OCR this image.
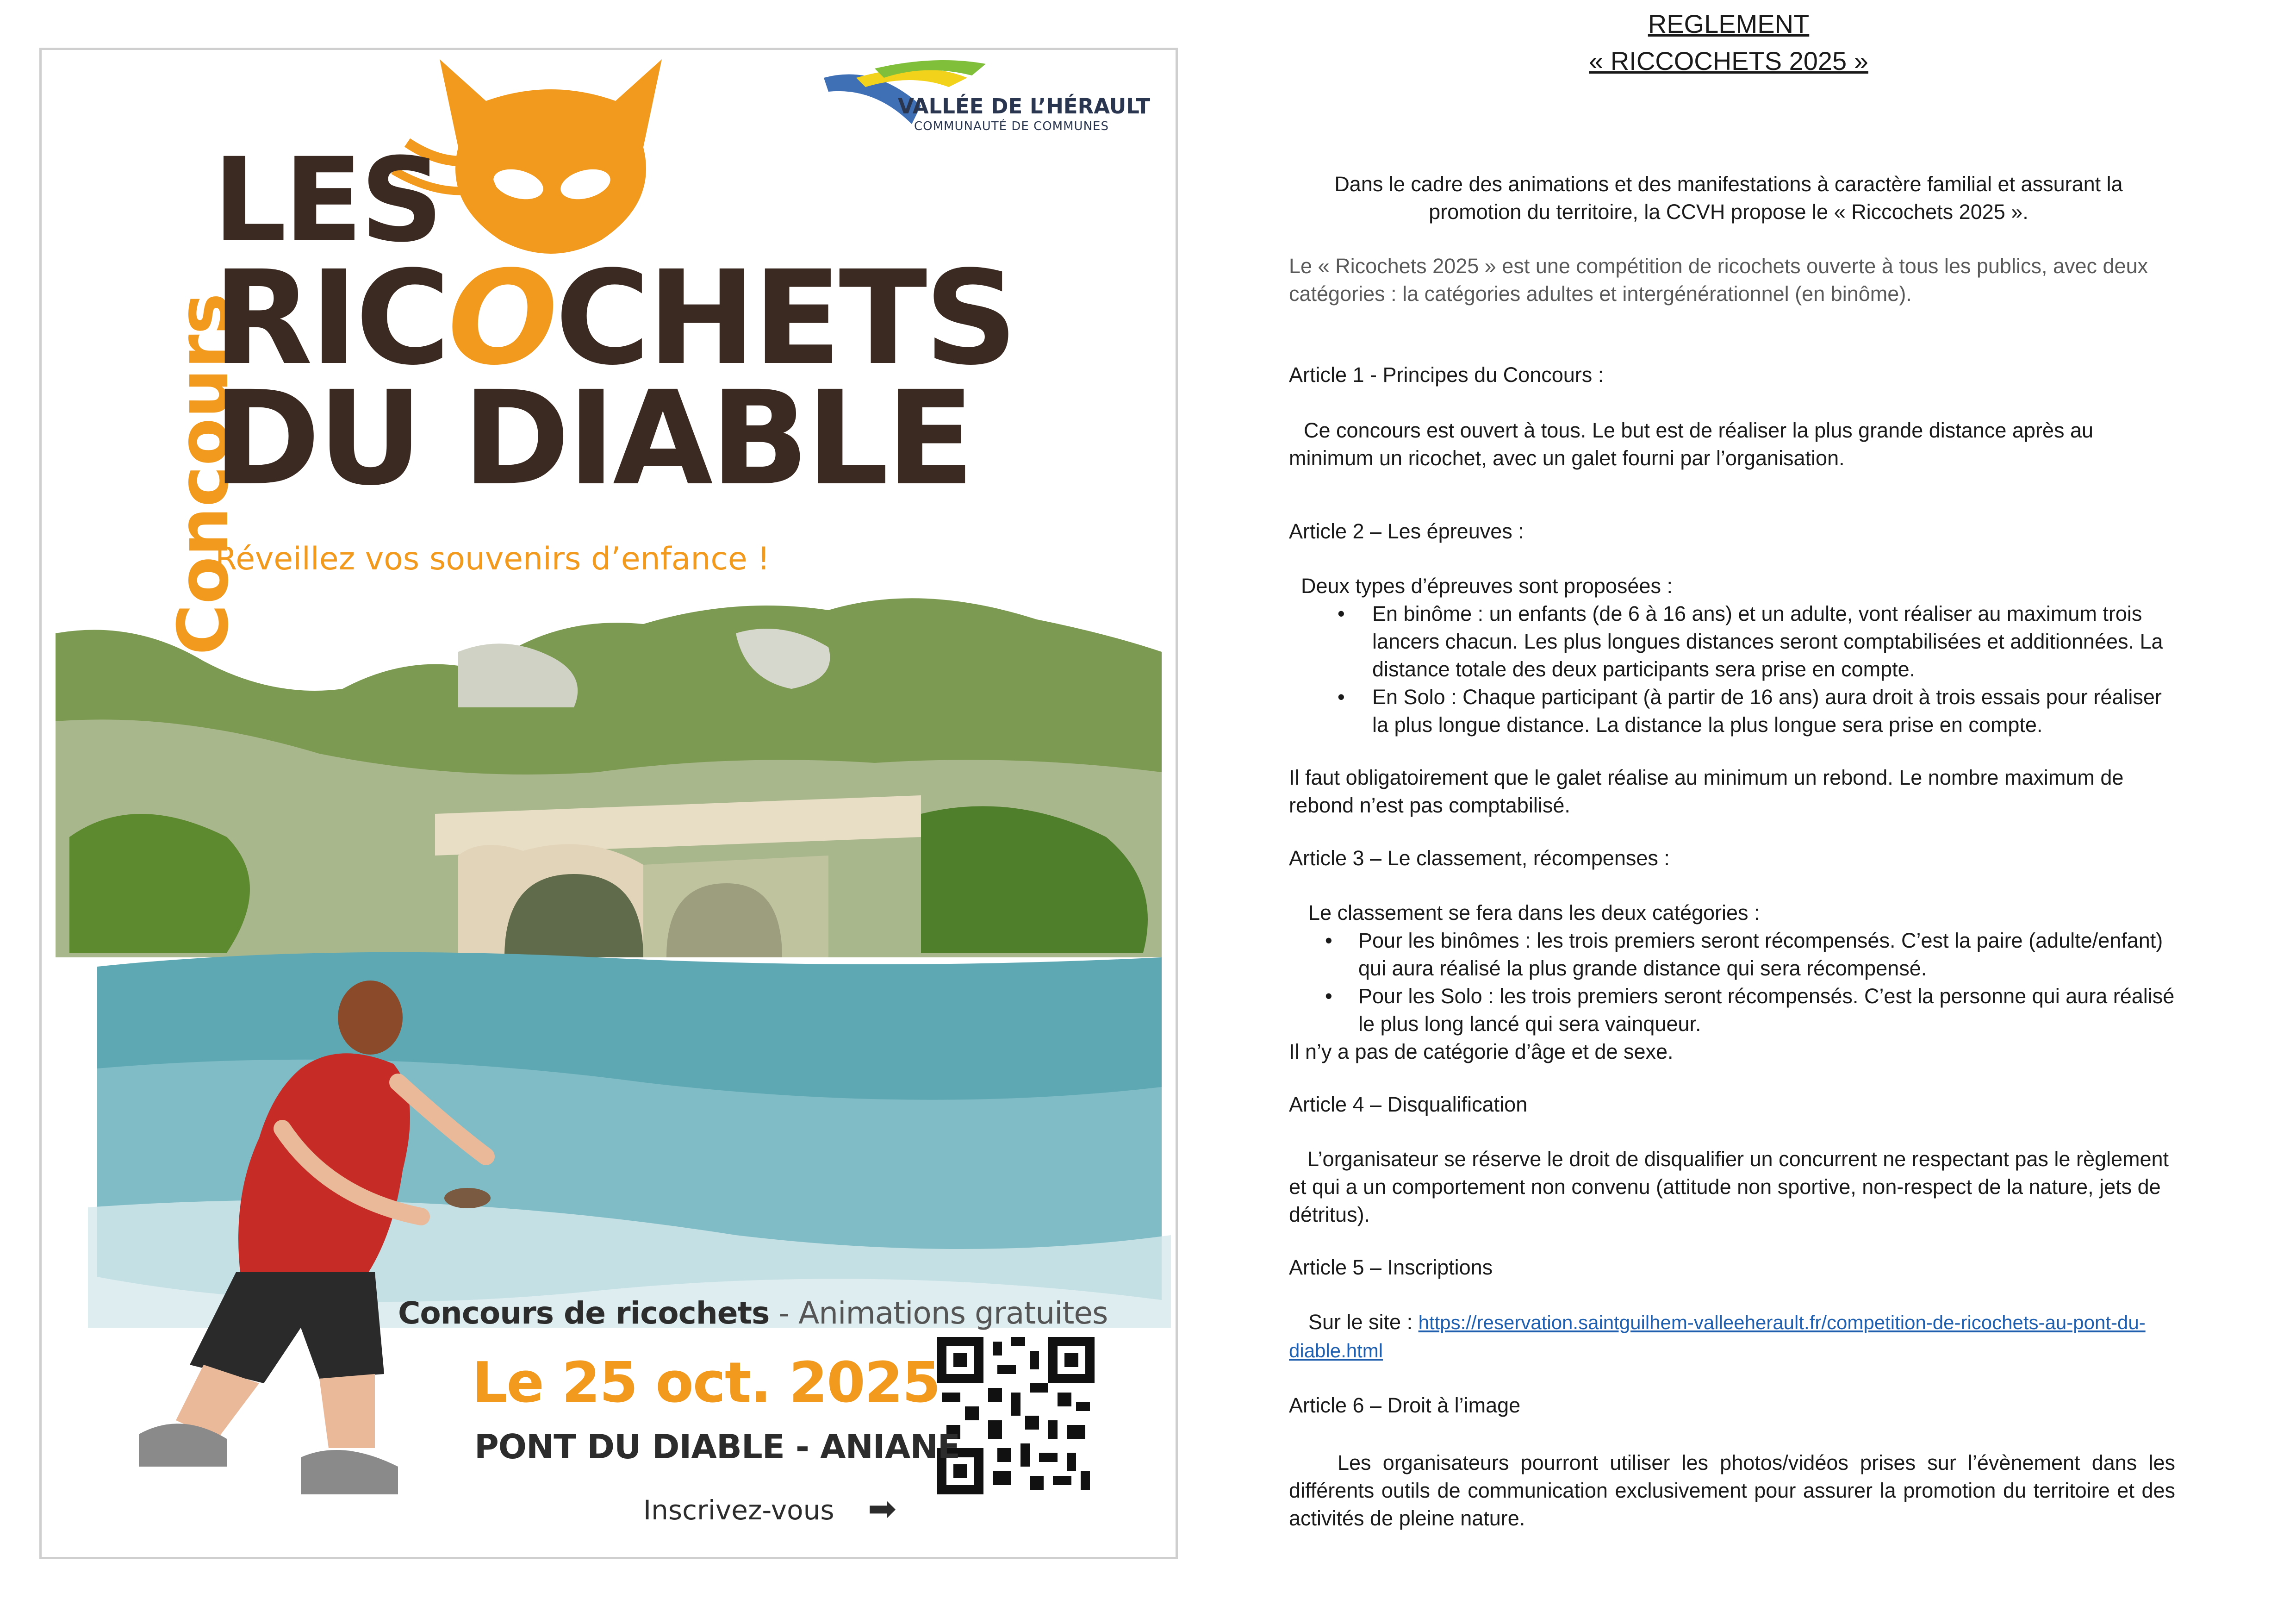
Concours

LES

RICOCHETS

DU DIABLE

Réveillez vos souvenirs d’enfance !

VALLÉE DE L’HÉRAULT

COMMUNAUTÉ DE COMMUNES

Concours de ricochets - Animations gratuites

Le 25 oct. 2025

PONT DU DIABLE - ANIANE

Inscrivez-vous ➡

REGLEMENT
« RICCOCHETS 2025 »

Dans le cadre des animations et des manifestations à caractère familial et assurant la promotion du territoire, la CCVH propose le « Riccochets 2025 ».

Le « Ricochets 2025 » est une compétition de ricochets ouverte à tous les publics, avec deux catégories : la catégories adultes et intergénérationnel (en binôme).

Article 1 - Principes du Concours :

Ce concours est ouvert à tous. Le but est de réaliser la plus grande distance après au minimum un ricochet, avec un galet fourni par l’organisation.

Article 2 – Les épreuves :

Deux types d’épreuves sont proposées :

• En binôme : un enfants (de 6 à 16 ans) et un adulte, vont réaliser au maximum trois lancers chacun. Les plus longues distances seront comptabilisées et additionnées. La distance totale des deux participants sera prise en compte.
• En Solo : Chaque participant (à partir de 16 ans) aura droit à trois essais pour réaliser la plus longue distance. La distance la plus longue sera prise en compte.

Il faut obligatoirement que le galet réalise au minimum un rebond. Le nombre maximum de rebond n’est pas comptabilisé.

Article 3 – Le classement, récompenses :

Le classement se fera dans les deux catégories :

• Pour les binômes : les trois premiers seront récompensés. C’est la paire (adulte/enfant) qui aura réalisé la plus grande distance qui sera récompensé.
• Pour les Solo : les trois premiers seront récompensés. C’est la personne qui aura réalisé le plus long lancé qui sera vainqueur.

Il n’y a pas de catégorie d’âge et de sexe.

Article 4 – Disqualification

L’organisateur se réserve le droit de disqualifier un concurrent ne respectant pas le règlement et qui a un comportement non convenu (attitude non sportive, non-respect de la nature, jets de détritus).

Article 5 – Inscriptions

Sur le site : https://reservation.saintguilhem-valleeherault.fr/competition-de-ricochets-au-pont-du-diable.html

Article 6 – Droit à l’image

Les organisateurs pourront utiliser les photos/vidéos prises sur l’évènement dans les différents outils de communication exclusivement pour assurer la promotion du territoire et des activités de pleine nature.
